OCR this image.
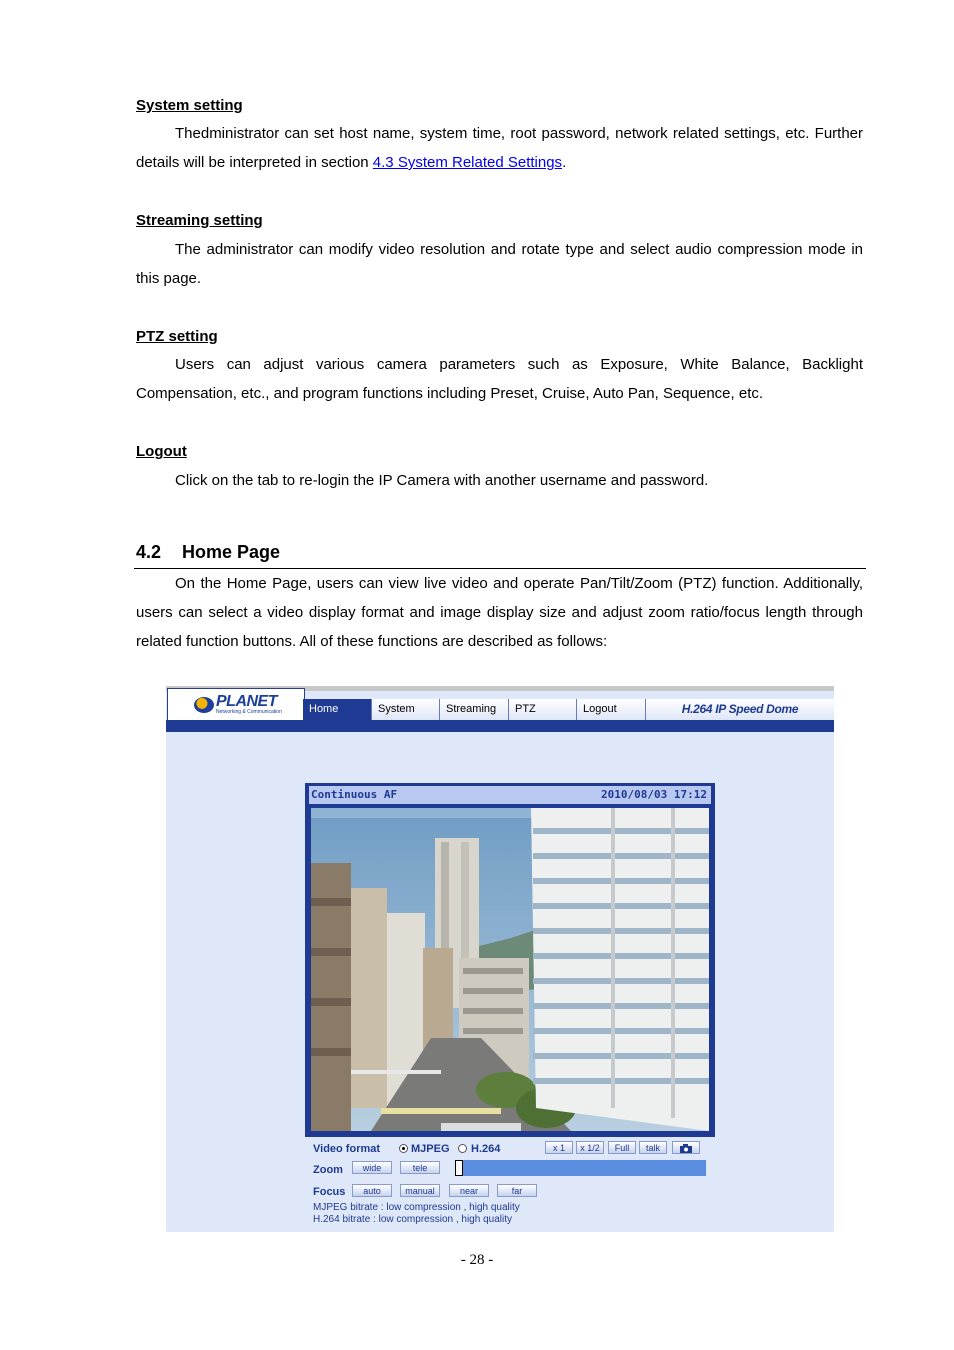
System setting
Thedministrator can set host name, system time, root password, network related settings, etc. Further details will be interpreted in section 4.3 System Related Settings.
Streaming setting
The administrator can modify video resolution and rotate type and select audio compression mode in this page.
PTZ setting
Users can adjust various camera parameters such as Exposure, White Balance, Backlight Compensation, etc., and program functions including Preset, Cruise, Auto Pan, Sequence, etc.
Logout
Click on the tab to re-login the IP Camera with another username and password.
4.2 Home Page
On the Home Page, users can view live video and operate Pan/Tilt/Zoom (PTZ) function. Additionally, users can select a video display format and image display size and adjust zoom ratio/focus length through related function buttons. All of these functions are described as follows:
PLANET
Networking & Communication	Home	System	Streaming	PTZ	Logout	H.264 IP Speed Dome
Continuous AF	2010/08/03 17:12
Video format	MJPEG H.264	x 1	x 1/2	Full	talk
Zoom	wide	tele
Focus	auto	manual	near	far
MJPEG bitrate : low compression , high quality
H.264 bitrate : low compression , high quality
- 28 -
